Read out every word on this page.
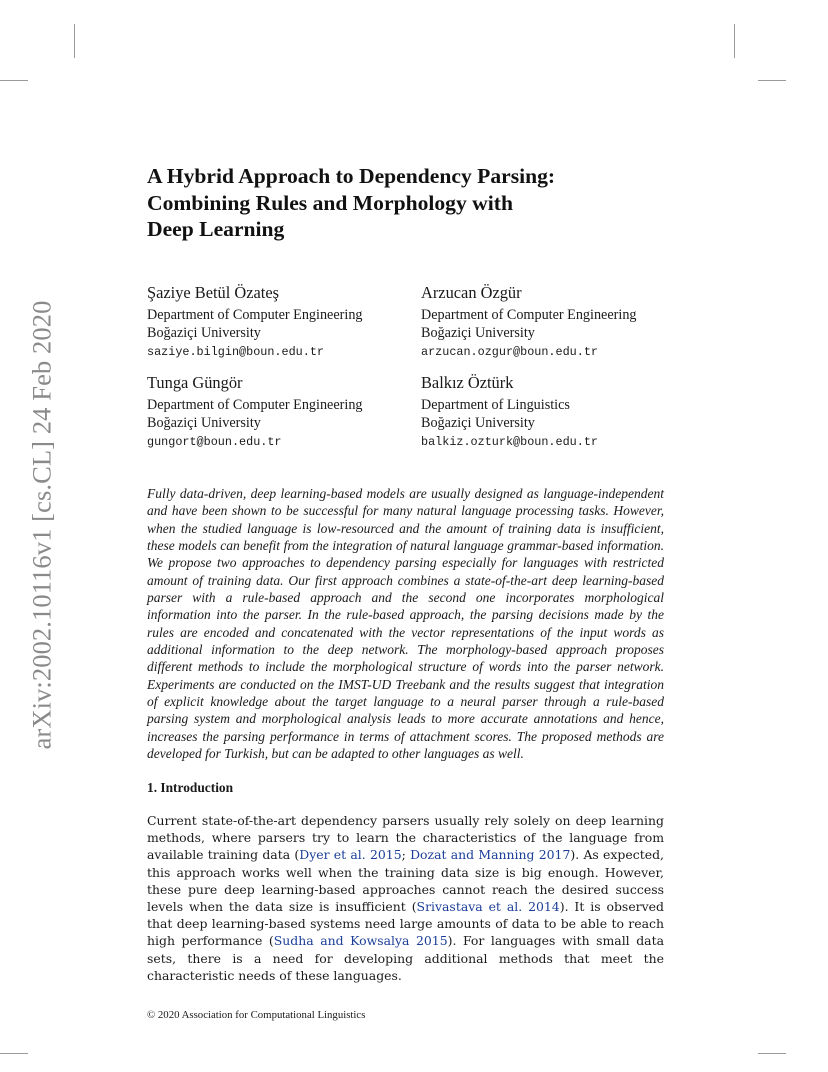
arXiv:2002.10116v1 [cs.CL] 24 Feb 2020
A Hybrid Approach to Dependency Parsing:
Combining Rules and Morphology with
Deep Learning
Şaziye Betül Özateş
Department of Computer Engineering
Boğaziçi University
saziye.bilgin@boun.edu.tr
Arzucan Özgür
Department of Computer Engineering
Boğaziçi University
arzucan.ozgur@boun.edu.tr
Tunga Güngör
Department of Computer Engineering
Boğaziçi University
gungort@boun.edu.tr
Balkız Öztürk
Department of Linguistics
Boğaziçi University
balkiz.ozturk@boun.edu.tr

Fully data-driven, deep learning-based models are usually designed as language-independent and have been shown to be successful for many natural language processing tasks. However, when the studied language is low-resourced and the amount of training data is insufficient, these models can benefit from the integration of natural language grammar-based information. We propose two approaches to dependency parsing especially for languages with restricted amount of training data. Our first approach combines a state-of-the-art deep learning-based parser with a rule-based approach and the second one incorporates morphological information into the parser. In the rule-based approach, the parsing decisions made by the rules are encoded and concatenated with the vector representations of the input words as additional information to the deep network. The morphology-based approach proposes different methods to include the morphological structure of words into the parser network. Experiments are conducted on the IMST-UD Treebank and the results suggest that integration of explicit knowledge about the target language to a neural parser through a rule-based parsing system and morphological analysis leads to more accurate annotations and hence, increases the parsing performance in terms of attachment scores. The proposed methods are developed for Turkish, but can be adapted to other languages as well.

1. Introduction

Current state-of-the-art dependency parsers usually rely solely on deep learning methods, where parsers try to learn the characteristics of the language from available training data (Dyer et al. 2015; Dozat and Manning 2017). As expected, this approach works well when the training data size is big enough. However, these pure deep learning-based approaches cannot reach the desired success levels when the data size is insufficient (Srivastava et al. 2014). It is observed that deep learning-based systems need large amounts of data to be able to reach high performance (Sudha and Kowsalya 2015). For languages with small data sets, there is a need for developing additional methods that meet the characteristic needs of these languages.

© 2020 Association for Computational Linguistics
